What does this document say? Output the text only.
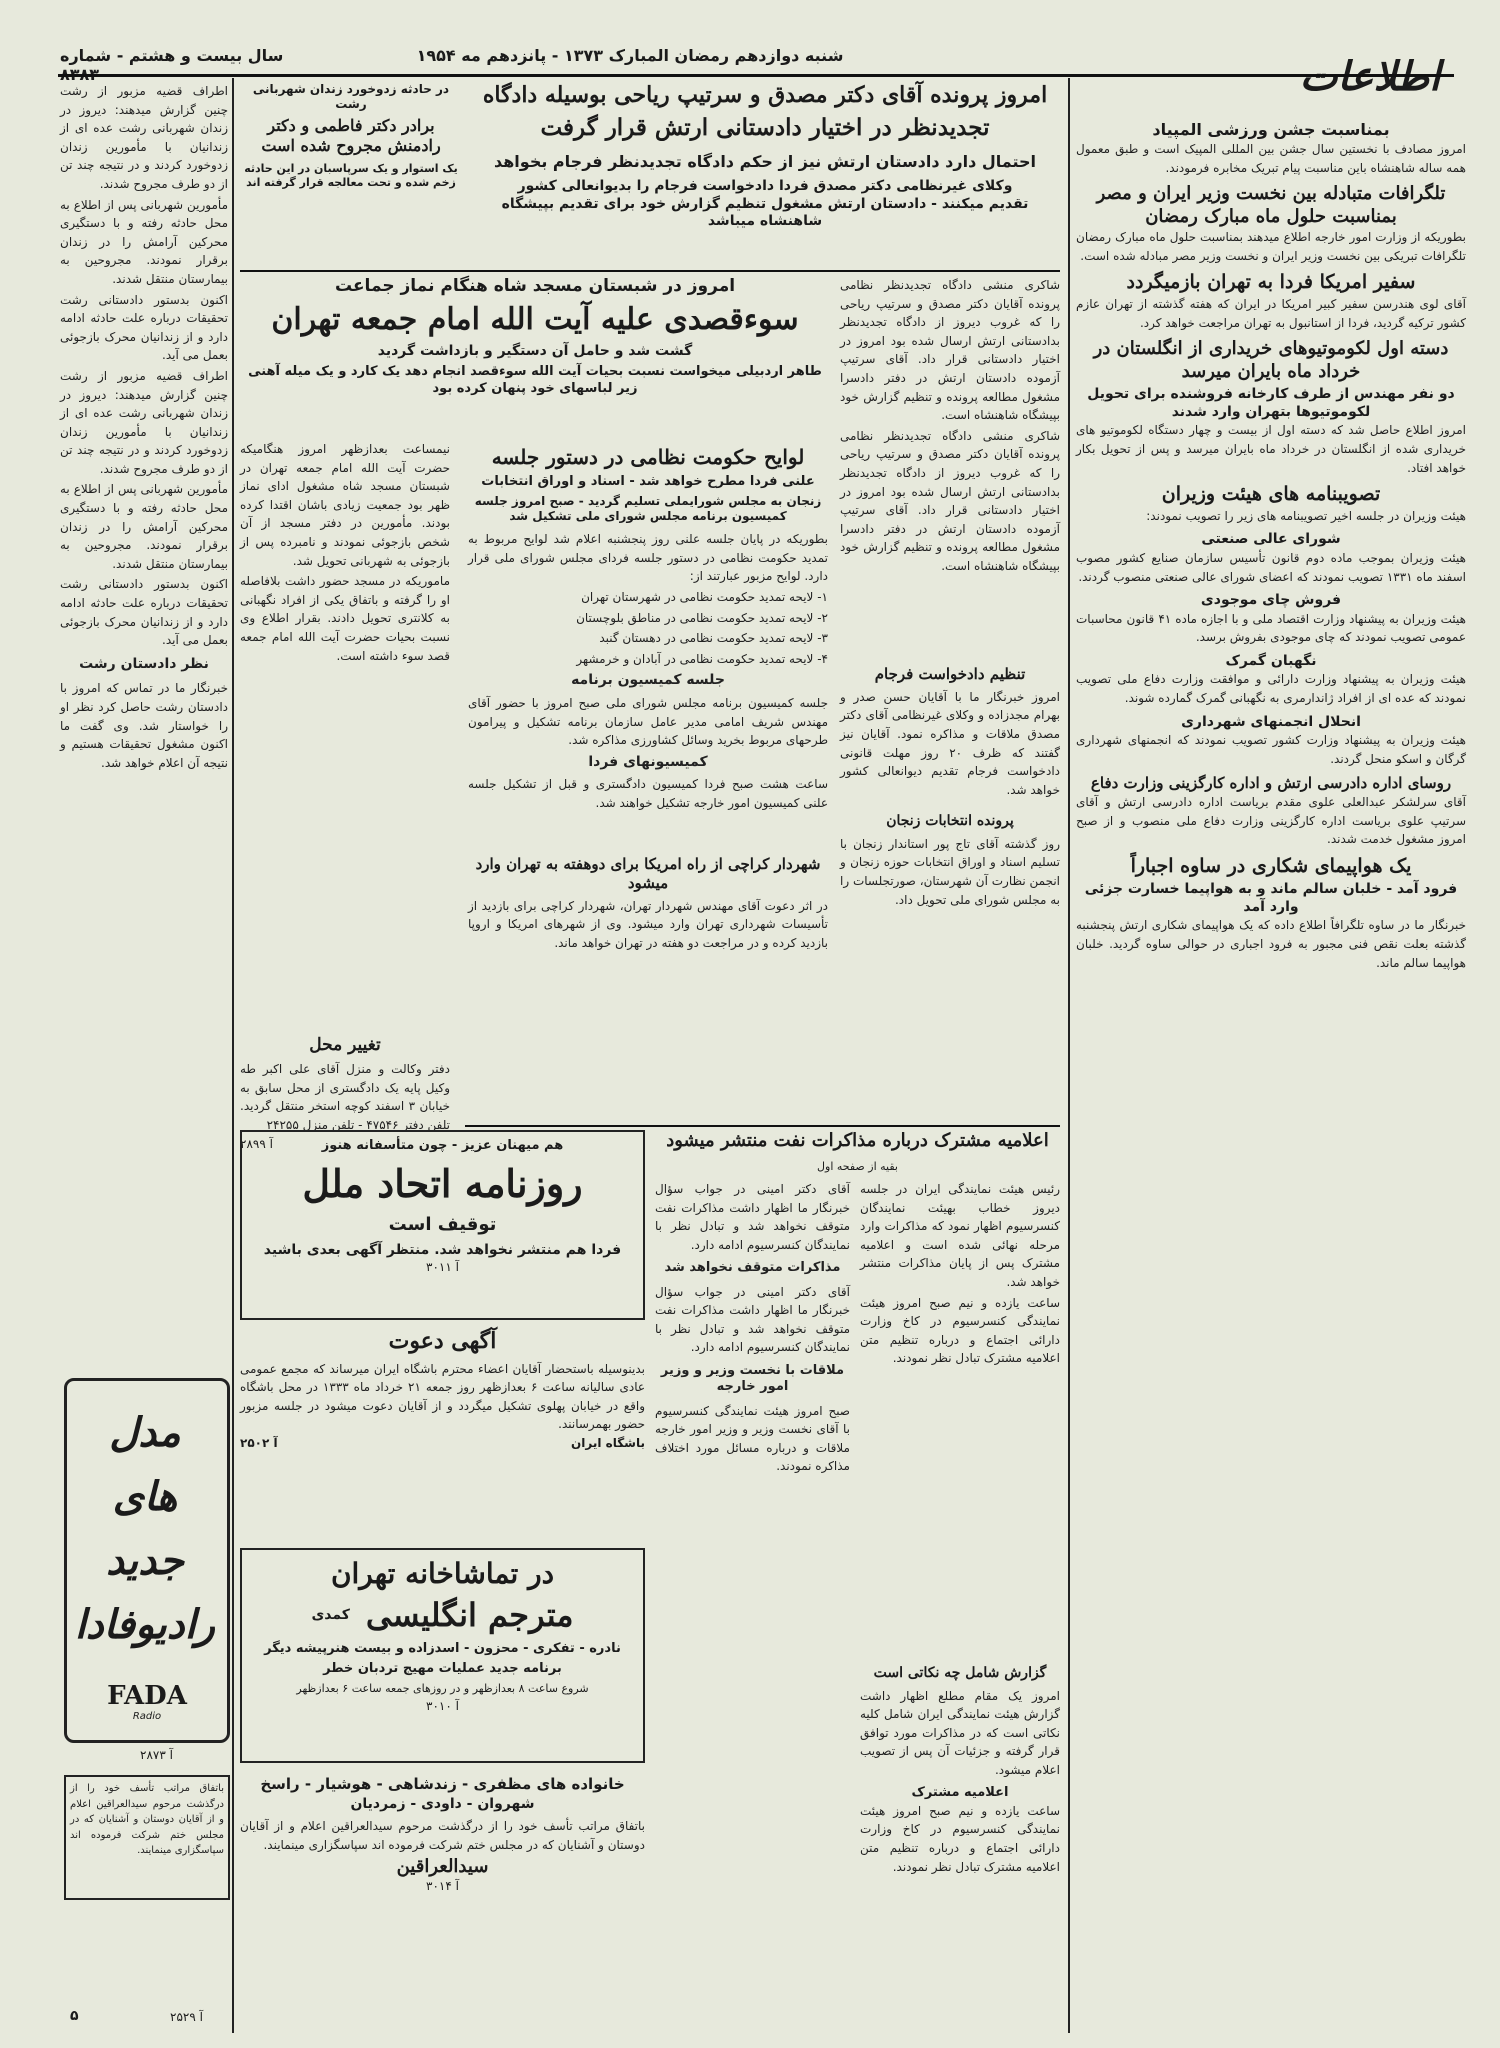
اطلاعات
شنبه دوازدهم رمضان المبارک ۱۳۷۳ - پانزدهم مه ۱۹۵۴
سال بیست و هشتم - شماره ۸۳۸۳
امروز پرونده آقای دکتر مصدق و سرتیپ ریاحی بوسیله دادگاه
تجدیدنظر در اختیار دادستانی ارتش قرار گرفت
احتمال دارد دادستان ارتش نیز از حکم دادگاه تجدیدنظر فرجام بخواهد
وکلای غیرنظامی دکتر مصدق فردا دادخواست فرجام را بدیوانعالی کشور تقدیم میکنند - دادستان ارتش مشغول تنظیم گزارش خود برای تقدیم بپیشگاه شاهنشاه میباشد
در حادثه زدوخورد زندان شهربانی رشت
برادر دکتر فاطمی و دکتر رادمنش مجروح شده است
یک استوار و یک سرپاسبان در این حادثه زخم شده و تحت معالجه قرار گرفته اند
امروز در شبستان مسجد شاه هنگام نماز جماعت
سوءقصدی علیه آیت الله امام جمعه تهران
گشت شد و حامل آن دستگیر و بازداشت گردید
طاهر اردبیلی میخواست نسبت بحیات آیت الله سوءقصد انجام دهد یک کارد و یک میله آهنی زیر لباسهای خود پنهان کرده بود

شاکری منشی دادگاه تجدیدنظر نظامی پرونده آقایان دکتر مصدق و سرتیپ ریاحی را که غروب دیروز از دادگاه تجدیدنظر بدادستانی ارتش ارسال شده بود امروز در اختیار دادستانی قرار داد. آقای سرتیپ آزموده دادستان ارتش در دفتر دادسرا مشغول مطالعه پرونده و تنظیم گزارش خود بپیشگاه شاهنشاه است.

شاکری منشی دادگاه تجدیدنظر نظامی پرونده آقایان دکتر مصدق و سرتیپ ریاحی را که غروب دیروز از دادگاه تجدیدنظر بدادستانی ارتش ارسال شده بود امروز در اختیار دادستانی قرار داد. آقای سرتیپ آزموده دادستان ارتش در دفتر دادسرا مشغول مطالعه پرونده و تنظیم گزارش خود بپیشگاه شاهنشاه است.

نیمساعت بعدازظهر امروز هنگامیکه حضرت آیت الله امام جمعه تهران در شبستان مسجد شاه مشغول ادای نماز ظهر بود جمعیت زیادی باشان اقتدا کرده بودند. مأمورین در دفتر مسجد از آن شخص بازجوئی نمودند و نامبرده پس از بازجوئی به شهربانی تحویل شد.

ماموریکه در مسجد حضور داشت بلافاصله او را گرفته و باتفاق یکی از افراد نگهبانی به کلانتری تحویل دادند. بقرار اطلاع وی نسبت بحیات حضرت آیت الله امام جمعه قصد سوء داشته است.

لوایح حکومت نظامی در دستور جلسه
علنی فردا مطرح خواهد شد - اسناد و اوراق انتخابات
زنجان به مجلس شورایملی تسلیم گردید - صبح امروز جلسه کمیسیون برنامه مجلس شورای ملی تشکیل شد

بطوریکه در پایان جلسه علنی روز پنجشنبه اعلام شد لوایح مربوط به تمدید حکومت نظامی در دستور جلسه فردای مجلس شورای ملی قرار دارد. لوایح مزبور عبارتند از:

۱- لایحه تمدید حکومت نظامی در شهرستان تهران

۲- لایحه تمدید حکومت نظامی در مناطق بلوچستان

۳- لایحه تمدید حکومت نظامی در دهستان گنبد

۴- لایحه تمدید حکومت نظامی در آبادان و خرمشهر

جلسه کمیسیون برنامه

جلسه کمیسیون برنامه مجلس شورای ملی صبح امروز با حضور آقای مهندس شریف امامی مدیر عامل سازمان برنامه تشکیل و پیرامون طرحهای مربوط بخرید وسائل کشاورزی مذاکره شد.

کمیسیونهای فردا

ساعت هشت صبح فردا کمیسیون دادگستری و قبل از تشکیل جلسه علنی کمیسیون امور خارجه تشکیل خواهند شد.

شهردار کراچی از راه امریکا برای دوهفته به تهران وارد میشود

در اثر دعوت آقای مهندس شهردار تهران، شهردار کراچی برای بازدید از تأسیسات شهرداری تهران وارد میشود. وی از شهرهای امریکا و اروپا بازدید کرده و در مراجعت دو هفته در تهران خواهد ماند.

تنظیم دادخواست فرجام

امروز خبرنگار ما با آقایان حسن صدر و بهرام مجدزاده و وکلای غیرنظامی آقای دکتر مصدق ملاقات و مذاکره نمود. آقایان نیز گفتند که ظرف ۲۰ روز مهلت قانونی دادخواست فرجام تقدیم دیوانعالی کشور خواهد شد.

پرونده انتخابات زنجان

روز گذشته آقای تاج پور استاندار زنجان با تسلیم اسناد و اوراق انتخابات حوزه زنجان و انجمن نظارت آن شهرستان، صورتجلسات را به مجلس شورای ملی تحویل داد.

تغییر محل

دفتر وکالت و منزل آقای علی اکبر طه وکیل پایه یک دادگستری از محل سابق به خیابان ۳ اسفند کوچه استخر منتقل گردید. تلفن دفتر ۴۷۵۴۶ - تلفن منزل ۲۴۲۵۵

آ ۲۸۹۹	اعلامیه مشترک درباره مذاکرات نفت منتشر میشود
بقیه از صفحه اول

رئیس هیئت نمایندگی ایران در جلسه دیروز خطاب بهیئت نمایندگان کنسرسیوم اظهار نمود که مذاکرات وارد مرحله نهائی شده است و اعلامیه مشترک پس از پایان مذاکرات منتشر خواهد شد.

ساعت یازده و نیم صبح امروز هیئت نمایندگی کنسرسیوم در کاخ وزارت دارائی اجتماع و درباره تنظیم متن اعلامیه مشترک تبادل نظر نمودند.

آقای دکتر امینی در جواب سؤال خبرنگار ما اظهار داشت مذاکرات نفت متوقف نخواهد شد و تبادل نظر با نمایندگان کنسرسیوم ادامه دارد.

مذاکرات متوقف نخواهد شد

آقای دکتر امینی در جواب سؤال خبرنگار ما اظهار داشت مذاکرات نفت متوقف نخواهد شد و تبادل نظر با نمایندگان کنسرسیوم ادامه دارد.

ملاقات با نخست وزیر و وزیر امور خارجه

صبح امروز هیئت نمایندگی کنسرسیوم با آقای نخست وزیر و وزیر امور خارجه ملاقات و درباره مسائل مورد اختلاف مذاکره نمودند.

گزارش شامل چه نکاتی است

امروز یک مقام مطلع اظهار داشت گزارش هیئت نمایندگی ایران شامل کلیه نکاتی است که در مذاکرات مورد توافق قرار گرفته و جزئیات آن پس از تصویب اعلام میشود.

اعلامیه مشترک

ساعت یازده و نیم صبح امروز هیئت نمایندگی کنسرسیوم در کاخ وزارت دارائی اجتماع و درباره تنظیم متن اعلامیه مشترک تبادل نظر نمودند.

هم میهنان عزیز - چون متأسفانه هنوز
روزنامه اتحاد ملل
توقیف است
فردا هم منتشر نخواهد شد. منتظر آگهی بعدی باشید
آ ۳۰۱۱
آگهی دعوت

بدینوسیله باستحضار آقایان اعضاء محترم باشگاه ایران میرساند که مجمع عمومی عادی سالیانه ساعت ۶ بعدازظهر روز جمعه ۲۱ خرداد ماه ۱۳۳۳ در محل باشگاه واقع در خیابان پهلوی تشکیل میگردد و از آقایان دعوت میشود در جلسه مزبور حضور بهمرسانند.

باشگاه ایران
آ ۲۵۰۲
در تماشاخانه تهران
مترجم انگلیسی
کمدی
نادره - تفکری - محزون - اسدزاده و بیست هنرپیشه دیگر
برنامه جدید عملیات مهیج تردبان خطر
شروع ساعت ۸ بعدازظهر و در روزهای جمعه ساعت ۶ بعدازظهر
آ ۳۰۱۰
خانواده های مظفری - زندشاهی - هوشیار - راسخ
شهروان - داودی - زمردیان

باتفاق مراتب تأسف خود را از درگذشت مرحوم سیدالعراقین اعلام و از آقایان دوستان و آشنایان که در مجلس ختم شرکت فرموده اند سپاسگزاری مینمایند.

سیدالعراقین
آ ۳۰۱۴

اطراف قضیه مزبور از رشت چنین گزارش میدهند: دیروز در زندان شهربانی رشت عده ای از زندانیان با مأمورین زندان زدوخورد کردند و در نتیجه چند تن از دو طرف مجروح شدند.

مأمورین شهربانی پس از اطلاع به محل حادثه رفته و با دستگیری محرکین آرامش را در زندان برقرار نمودند. مجروحین به بیمارستان منتقل شدند.

اکنون بدستور دادستانی رشت تحقیقات درباره علت حادثه ادامه دارد و از زندانیان محرک بازجوئی بعمل می آید.

اطراف قضیه مزبور از رشت چنین گزارش میدهند: دیروز در زندان شهربانی رشت عده ای از زندانیان با مأمورین زندان زدوخورد کردند و در نتیجه چند تن از دو طرف مجروح شدند.

مأمورین شهربانی پس از اطلاع به محل حادثه رفته و با دستگیری محرکین آرامش را در زندان برقرار نمودند. مجروحین به بیمارستان منتقل شدند.

اکنون بدستور دادستانی رشت تحقیقات درباره علت حادثه ادامه دارد و از زندانیان محرک بازجوئی بعمل می آید.

نظر دادستان رشت

خبرنگار ما در تماس که امروز با دادستان رشت حاصل کرد نظر او را خواستار شد. وی گفت ما اکنون مشغول تحقیقات هستیم و نتیجه آن اعلام خواهد شد.

مدل های جدید رادیوفادا
FADA
Radio
آ ۲۸۷۳

باتفاق مراتب تأسف خود را از درگذشت مرحوم سیدالعراقین اعلام و از آقایان دوستان و آشنایان که در مجلس ختم شرکت فرموده اند سپاسگزاری مینمایند.

آ ۲۵۲۹
۵
بمناسبت جشن ورزشی المپیاد

امروز مصادف با نخستین سال جشن بین المللی المپیک است و طبق معمول همه ساله شاهنشاه باین مناسبت پیام تبریک مخابره فرمودند.

تلگرافات متبادله بین نخست وزیر ایران و مصر بمناسبت حلول ماه مبارک رمضان

بطوریکه از وزارت امور خارجه اطلاع میدهند بمناسبت حلول ماه مبارک رمضان تلگرافات تبریکی بین نخست وزیر ایران و نخست وزیر مصر مبادله شده است.

سفیر امریکا فردا به تهران بازمیگردد

آقای لوی هندرسن سفیر کبیر امریکا در ایران که هفته گذشته از تهران عازم کشور ترکیه گردید، فردا از استانبول به تهران مراجعت خواهد کرد.

دسته اول لکوموتیوهای خریداری از انگلستان در خرداد ماه بایران میرسد
دو نفر مهندس از طرف کارخانه فروشنده برای تحویل لکوموتیوها بتهران وارد شدند

امروز اطلاع حاصل شد که دسته اول از بیست و چهار دستگاه لکوموتیو های خریداری شده از انگلستان در خرداد ماه بایران میرسد و پس از تحویل بکار خواهد افتاد.

تصویبنامه های هیئت وزیران

هیئت وزیران در جلسه اخیر تصویبنامه های زیر را تصویب نمودند:

شورای عالی صنعتی

هیئت وزیران بموجب ماده دوم قانون تأسیس سازمان صنایع کشور مصوب اسفند ماه ۱۳۳۱ تصویب نمودند که اعضای شورای عالی صنعتی منصوب گردند.

فروش چای موجودی

هیئت وزیران به پیشنهاد وزارت اقتصاد ملی و با اجازه ماده ۴۱ قانون محاسبات عمومی تصویب نمودند که چای موجودی بفروش برسد.

نگهبان گمرک

هیئت وزیران به پیشنهاد وزارت دارائی و موافقت وزارت دفاع ملی تصویب نمودند که عده ای از افراد ژاندارمری به نگهبانی گمرک گمارده شوند.

انحلال انجمنهای شهرداری

هیئت وزیران به پیشنهاد وزارت کشور تصویب نمودند که انجمنهای شهرداری گرگان و اسکو منحل گردند.

روسای اداره دادرسی ارتش و اداره کارگزینی وزارت دفاع

آقای سرلشکر عبدالعلی علوی مقدم بریاست اداره دادرسی ارتش و آقای سرتیپ علوی بریاست اداره کارگزینی وزارت دفاع ملی منصوب و از صبح امروز مشغول خدمت شدند.

یک هواپیمای شکاری در ساوه اجباراً
فرود آمد - خلبان سالم ماند و به هواپیما خسارت جزئی وارد آمد

خبرنگار ما در ساوه تلگرافاً اطلاع داده که یک هواپیمای شکاری ارتش پنجشنبه گذشته بعلت نقص فنی مجبور به فرود اجباری در حوالی ساوه گردید. خلبان هواپیما سالم ماند.
